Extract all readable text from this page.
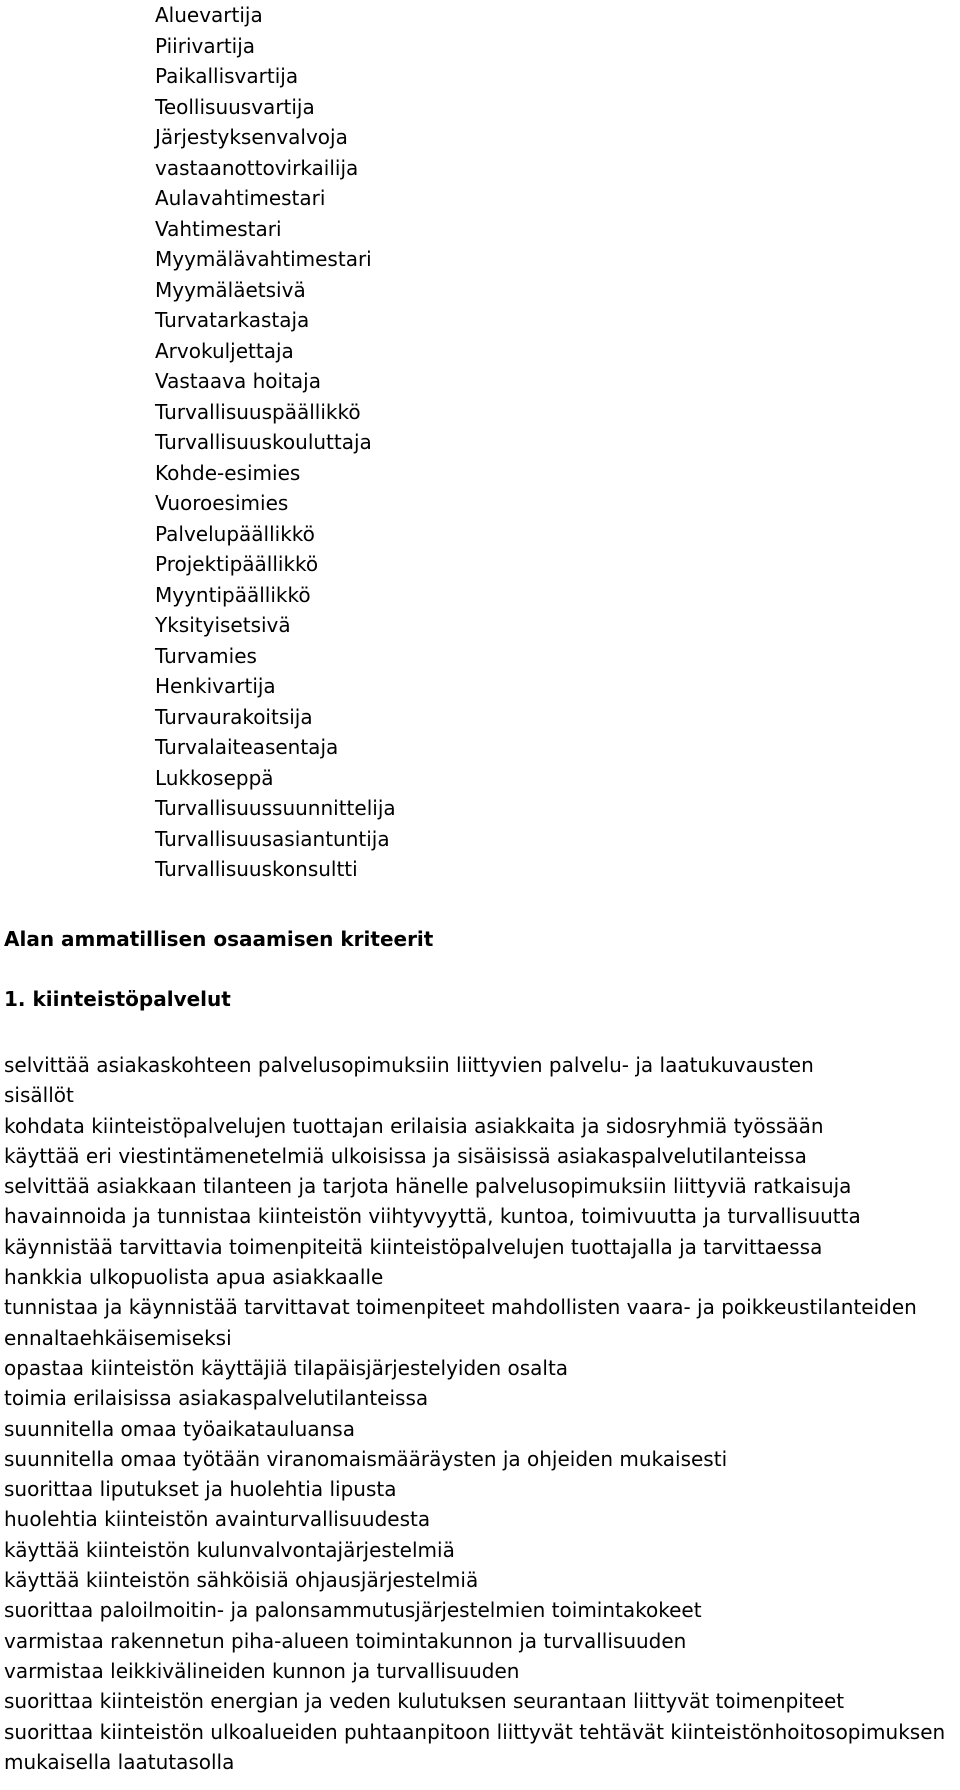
Aluevartija
Piirivartija
Paikallisvartija
Teollisuusvartija
Järjestyksenvalvoja
vastaanottovirkailija
Aulavahtimestari
Vahtimestari
Myymälävahtimestari
Myymäläetsivä
Turvatarkastaja
Arvokuljettaja
Vastaava hoitaja
Turvallisuuspäällikkö
Turvallisuuskouluttaja
Kohde-esimies
Vuoroesimies
Palvelupäällikkö
Projektipäällikkö
Myyntipäällikkö
Yksityisetsivä
Turvamies
Henkivartija
Turvaurakoitsija
Turvalaiteasentaja
Lukkoseppä
Turvallisuussuunnittelija
Turvallisuusasiantuntija
Turvallisuuskonsultti
Alan ammatillisen osaamisen kriteerit
1. kiinteistöpalvelut
selvittää asiakaskohteen palvelusopimuksiin liittyvien palvelu- ja laatukuvausten
sisällöt
kohdata kiinteistöpalvelujen tuottajan erilaisia asiakkaita ja sidosryhmiä työssään
käyttää eri viestintämenetelmiä ulkoisissa ja sisäisissä asiakaspalvelutilanteissa
selvittää asiakkaan tilanteen ja tarjota hänelle palvelusopimuksiin liittyviä ratkaisuja
havainnoida ja tunnistaa kiinteistön viihtyvyyttä, kuntoa, toimivuutta ja turvallisuutta
käynnistää tarvittavia toimenpiteitä kiinteistöpalvelujen tuottajalla ja tarvittaessa
hankkia ulkopuolista apua asiakkaalle
tunnistaa ja käynnistää tarvittavat toimenpiteet mahdollisten vaara- ja poikkeustilanteiden
ennaltaehkäisemiseksi
opastaa kiinteistön käyttäjiä tilapäisjärjestelyiden osalta
toimia erilaisissa asiakaspalvelutilanteissa
suunnitella omaa työaikatauluansa
suunnitella omaa työtään viranomaismääräysten ja ohjeiden mukaisesti
suorittaa liputukset ja huolehtia lipusta
huolehtia kiinteistön avainturvallisuudesta
käyttää kiinteistön kulunvalvontajärjestelmiä
käyttää kiinteistön sähköisiä ohjausjärjestelmiä
suorittaa paloilmoitin- ja palonsammutusjärjestelmien toimintakokeet
varmistaa rakennetun piha-alueen toimintakunnon ja turvallisuuden
varmistaa leikkivälineiden kunnon ja turvallisuuden
suorittaa kiinteistön energian ja veden kulutuksen seurantaan liittyvät toimenpiteet
suorittaa kiinteistön ulkoalueiden puhtaanpitoon liittyvät tehtävät kiinteistönhoitosopimuksen
mukaisella laatutasolla
